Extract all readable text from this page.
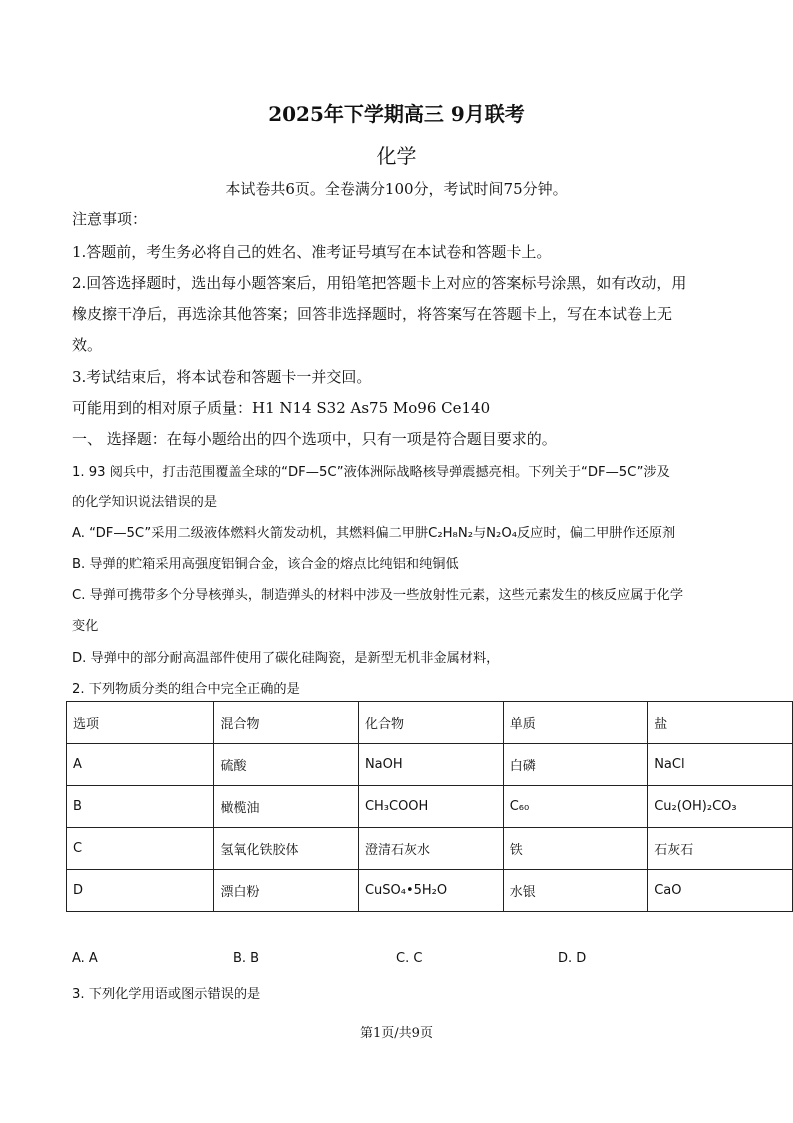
2025年下学期高三 9月联考
化学
本试卷共6页。全卷满分100分，考试时间75分钟。
注意事项：
1.答题前，考生务必将自己的姓名、准考证号填写在本试卷和答题卡上。
2.回答选择题时，选出每小题答案后，用铅笔把答题卡上对应的答案标号涂黑，如有改动，用
橡皮擦干净后，再选涂其他答案；回答非选择题时，将答案写在答题卡上，写在本试卷上无
效。
3.考试结束后，将本试卷和答题卡一并交回。
可能用到的相对原子质量：H1 N14 S32 As75 Mo96 Ce140
一、 选择题：在每小题给出的四个选项中，只有一项是符合题目要求的。
1. 93 阅兵中，打击范围覆盖全球的“DF—5C”液体洲际战略核导弹震撼亮相。下列关于“DF—5C”涉及
的化学知识说法错误的是
A. “DF—5C”采用二级液体燃料火箭发动机，其燃料偏二甲肼C₂H₈N₂与N₂O₄反应时，偏二甲肼作还原剂
B. 导弹的贮箱采用高强度铝铜合金，该合金的熔点比纯铝和纯铜低
C. 导弹可携带多个分导核弹头，制造弹头的材料中涉及一些放射性元素，这些元素发生的核反应属于化学
变化
D. 导弹中的部分耐高温部件使用了碳化硅陶瓷，是新型无机非金属材料，
2. 下列物质分类的组合中完全正确的是
选项	混合物	化合物	单质	盐
A	硫酸	NaOH	白磷	NaCl
B	橄榄油	CH₃COOH	C₆₀	Cu₂(OH)₂CO₃
C	氢氧化铁胶体	澄清石灰水	铁	石灰石
D	漂白粉	CuSO₄•5H₂O	水银	CaO
A. A	B. B	C. C	D. D
3. 下列化学用语或图示错误的是
第1页/共9页
